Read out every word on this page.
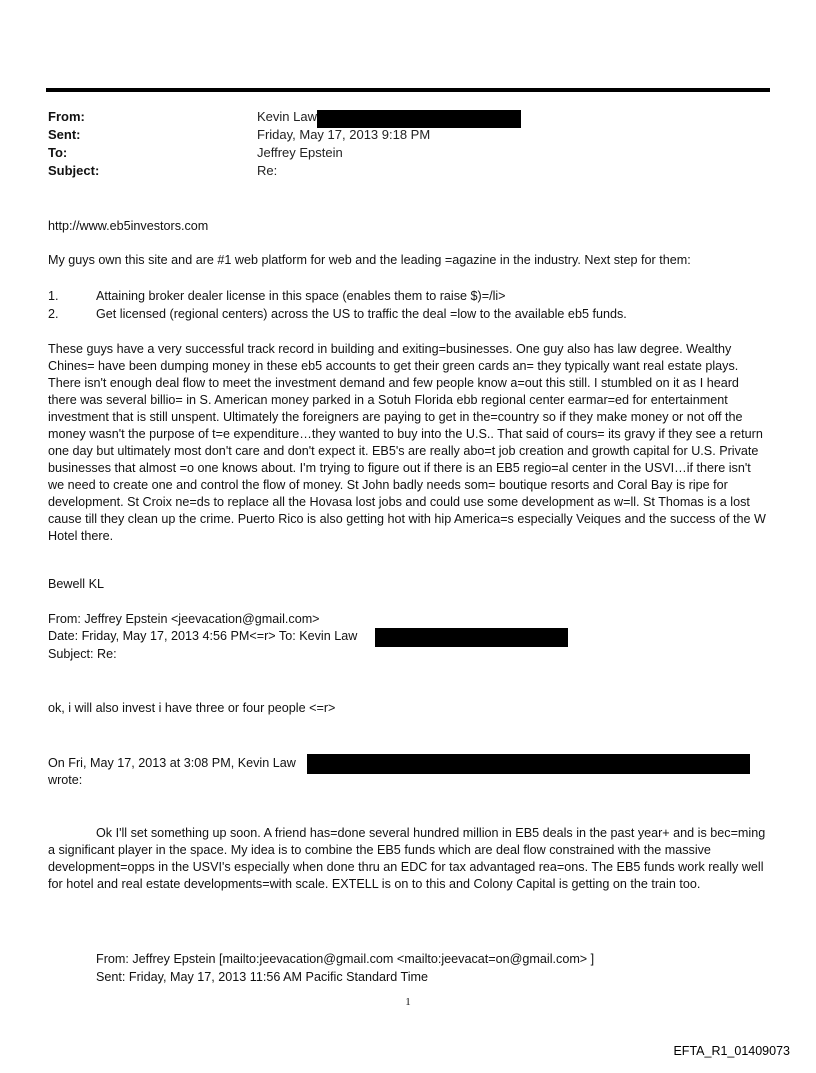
From:	Kevin Law
Sent:	Friday, May 17, 2013 9:18 PM
To:	Jeffrey Epstein
Subject:	Re:
http://www.eb5investors.com
My guys own this site and are #1 web platform for web and the leading =agazine in the industry. Next step for them:
1.	Attaining broker dealer license in this space (enables them to raise $)=/li>
2.	Get licensed (regional centers) across the US to traffic the deal =low to the available eb5 funds.
These guys have a very successful track record in building and exiting=businesses. One guy also has law degree. Wealthy Chines= have been dumping money in these eb5 accounts to get their green cards an= they typically want real estate plays. There isn't enough deal flow to meet the investment demand and few people know a=out this still. I stumbled on it as I heard there was several billio= in S. American money parked in a Sotuh Florida ebb regional center earmar=ed for entertainment investment that is still unspent. Ultimately the foreigners are paying to get in the=country so if they make money or not off the money wasn't the purpose of t=e expenditure…they wanted to buy into the U.S.. That said of cours= its gravy if they see a return one day but ultimately most don't care and don't expect it. EB5's are really abo=t job creation and growth capital for U.S. Private businesses that almost =o one knows about. I'm trying to figure out if there is an EB5 regio=al center in the USVI…if there isn't we need to create one and control the flow of money. St John badly needs som= boutique resorts and Coral Bay is ripe for development. St Croix ne=ds to replace all the Hovasa lost jobs and could use some development as w=ll. St Thomas is a lost cause till they clean up the crime. Puerto Rico is also getting hot with hip America=s especially Veiques and the success of the W Hotel there.
Bewell KL
From: Jeffrey Epstein <jeevacation@gmail.com>
Date: Friday, May 17, 2013 4:56 PM<=r> To: Kevin Law
Subject: Re:
ok, i will also invest i have three or four people <=r>
On Fri, May 17, 2013 at 3:08 PM, Kevin Law
wrote:
Ok I'll set something up soon. A friend has=done several hundred million in EB5 deals in the past year+ and is bec=ming a significant player in the space. My idea is to combine the EB5 funds which are deal flow constrained with the massive development=opps in the USVI's especially when done thru an EDC for tax advantaged rea=ons. The EB5 funds work really well for hotel and real estate developments=with scale. EXTELL is on to this and Colony Capital is getting on the train too.
From: Jeffrey Epstein [mailto:jeevacation@gmail.com <mailto:jeevacat=on@gmail.com> ]
Sent: Friday, May 17, 2013 11:56 AM Pacific Standard Time
1
EFTA_R1_01409073
